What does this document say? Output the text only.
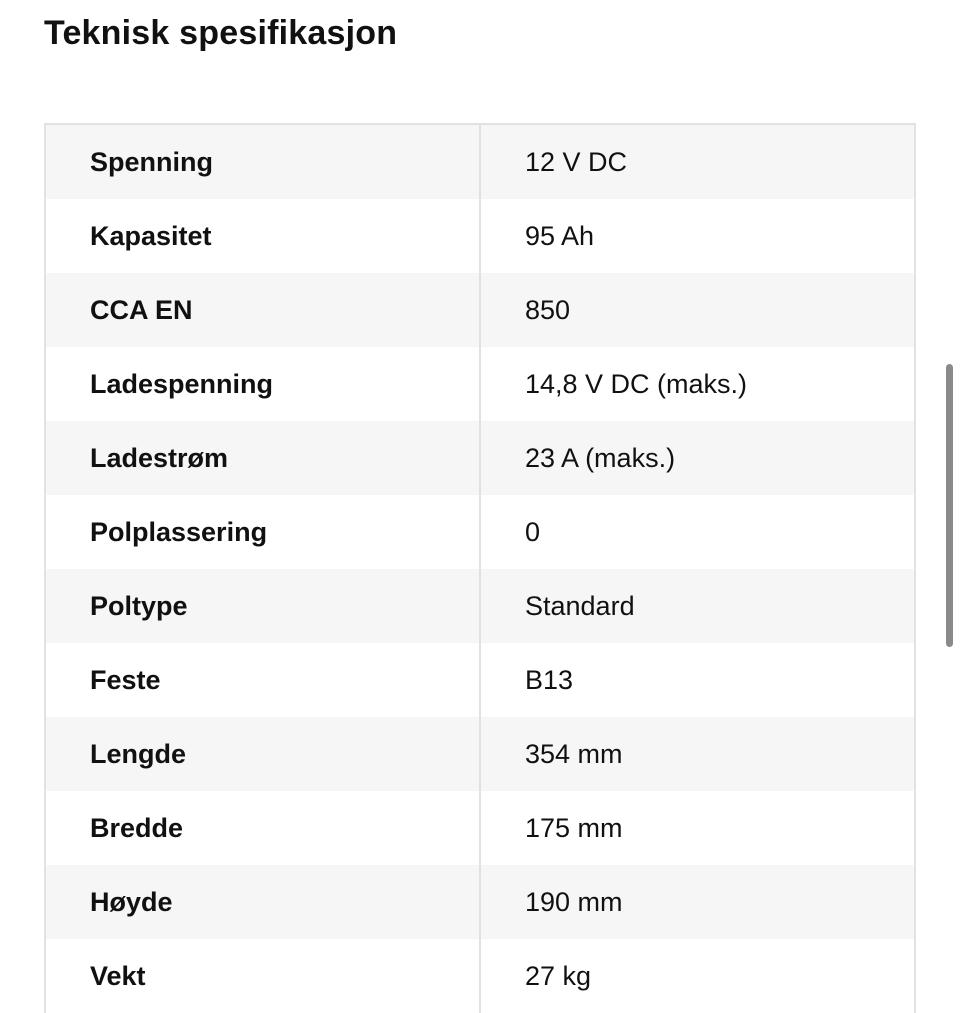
Teknisk spesifikasjon
Spenning	12 V DC
Kapasitet	95 Ah
CCA EN	850
Ladespenning	14,8 V DC (maks.)
Ladestrøm	23 A (maks.)
Polplassering	0
Poltype	Standard
Feste	B13
Lengde	354 mm
Bredde	175 mm
Høyde	190 mm
Vekt	27 kg
